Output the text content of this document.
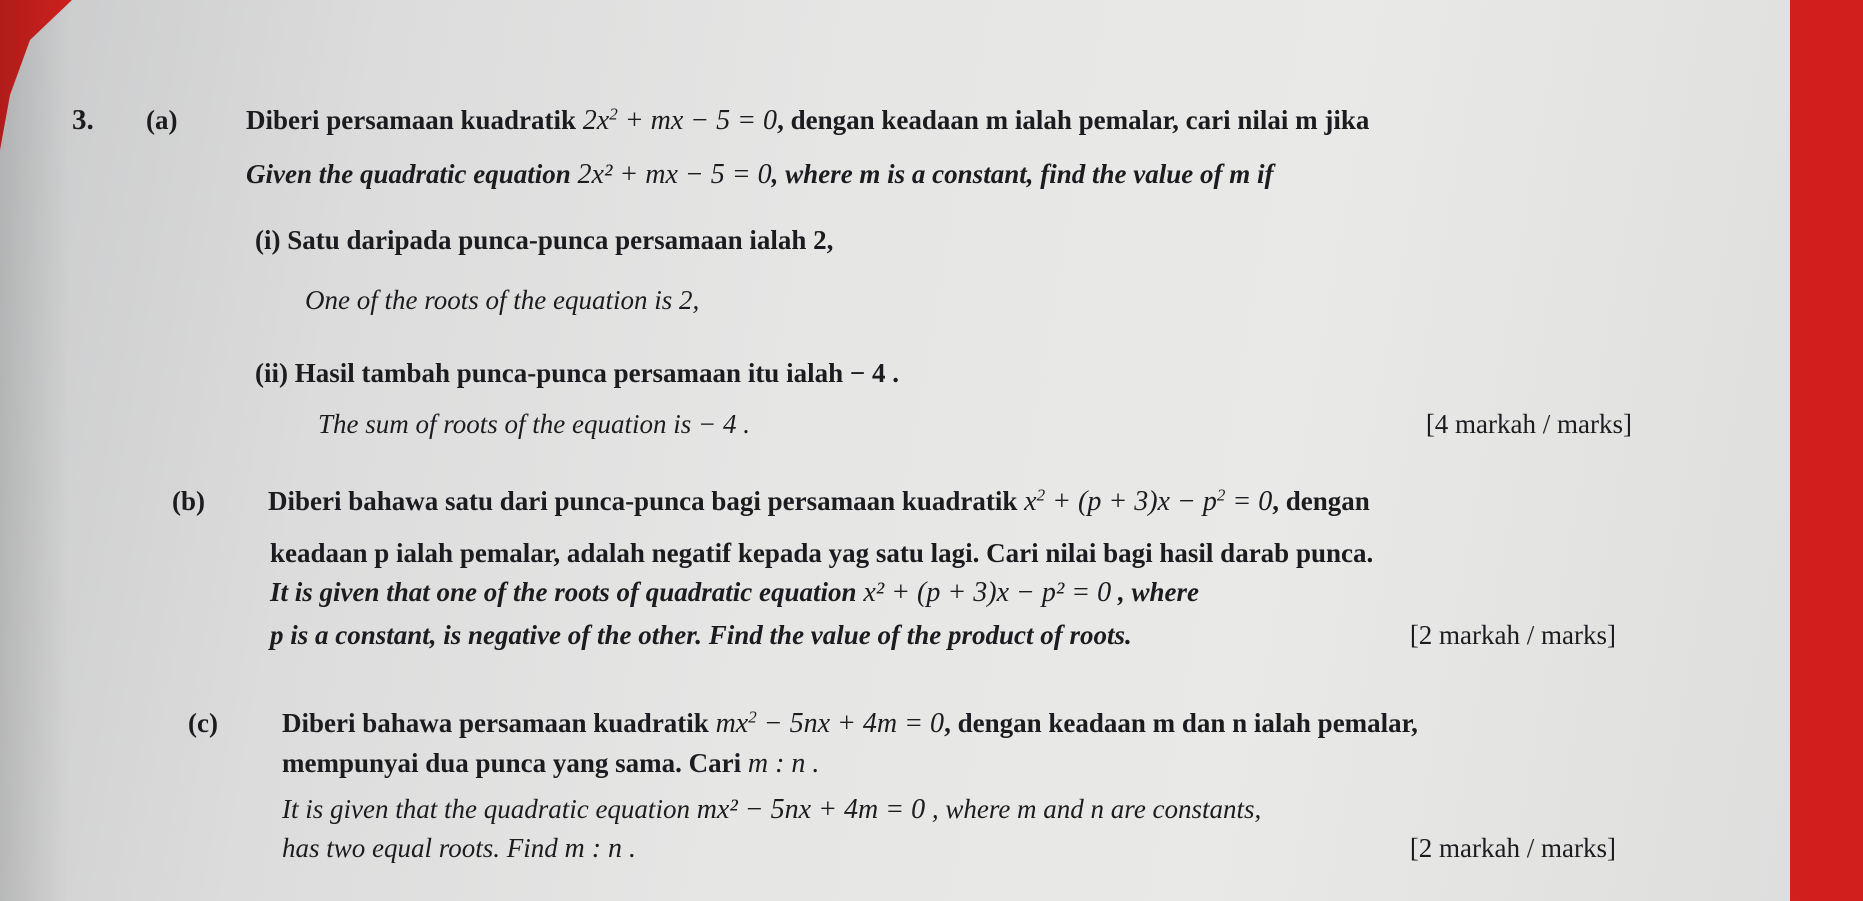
3. (a)	Diberi persamaan kuadratik $2x^2$ + mx − 5 = 0, dengan keadaan m ialah pemalar, cari nilai m jika
Given the quadratic equation 2x² + mx − 5 = 0, where m is a constant, find the value of m if
(i) Satu daripada punca-punca persamaan ialah 2,
One of the roots of the equation is 2,
(ii) Hasil tambah punca-punca persamaan itu ialah − 4 .
The sum of roots of the equation is − 4 .	[4 markah / marks]
(b) Diberi bahawa satu dari punca-punca bagi persamaan kuadratik $x^2 + (p + 3)x - p^2 = 0$, dengan
keadaan p ialah pemalar, adalah negatif kepada yag satu lagi. Cari nilai bagi hasil darab punca.
It is given that one of the roots of quadratic equation x² + (p + 3)x − p² = 0 , where
p is a constant, is negative of the other. Find the value of the product of roots.	[2 markah / marks]
(c) Diberi bahawa persamaan kuadratik $mx^2 - 5nx + 4m = 0$, dengan keadaan m dan n ialah pemalar,
mempunyai dua punca yang sama. Cari m : n .
It is given that the quadratic equation mx² − 5nx + 4m = 0 , where m and n are constants,
has two equal roots. Find m : n .	[2 markah / marks]
